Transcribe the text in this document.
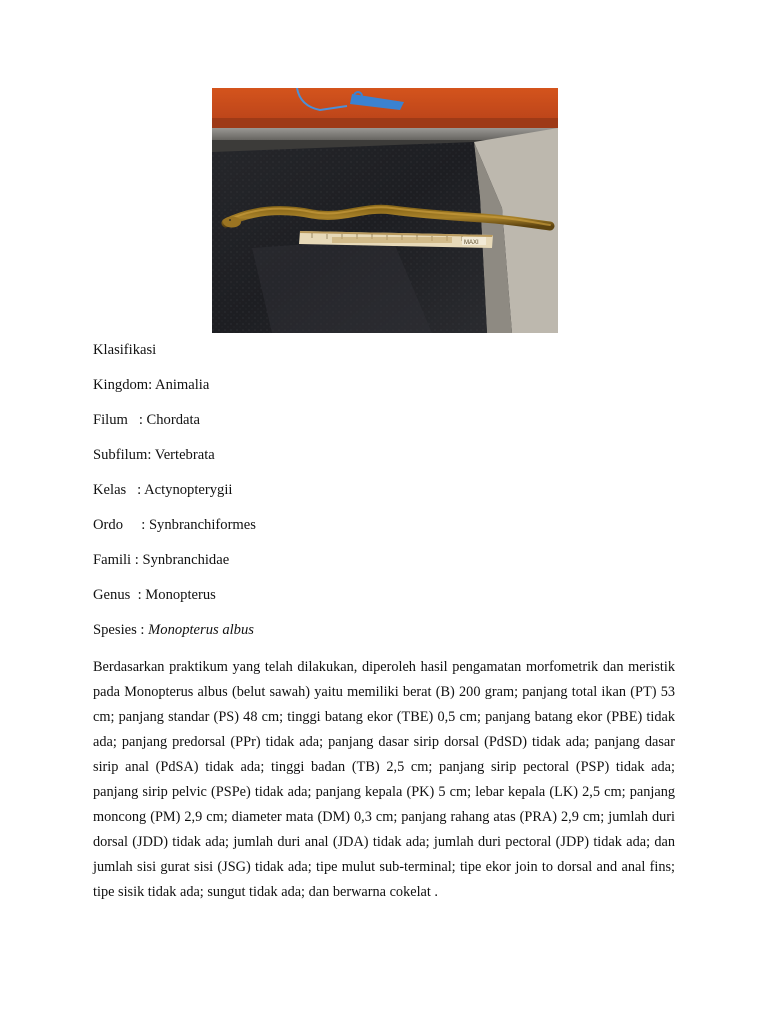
MAXI
Klasifikasi
Kingdom: Animalia
Filum   : Chordata
Subfilum: Vertebrata
Kelas   : Actynopterygii
Ordo     : Synbranchiformes
Famili : Synbranchidae
Genus  : Monopterus
Spesies : Monopterus albus
Berdasarkan praktikum yang telah dilakukan, diperoleh hasil pengamatan morfometrik dan meristik pada Monopterus albus (belut sawah) yaitu memiliki berat (B) 200 gram; panjang total ikan (PT) 53 cm; panjang standar (PS) 48 cm; tinggi batang ekor (TBE) 0,5 cm; panjang batang ekor (PBE) tidak ada; panjang predorsal (PPr) tidak ada; panjang dasar sirip dorsal (PdSD) tidak ada; panjang dasar sirip anal (PdSA) tidak ada; tinggi badan (TB) 2,5 cm; panjang sirip pectoral (PSP) tidak ada; panjang sirip pelvic (PSPe) tidak ada; panjang kepala (PK) 5 cm; lebar kepala (LK) 2,5 cm; panjang moncong (PM) 2,9 cm; diameter mata (DM) 0,3 cm; panjang rahang atas (PRA) 2,9 cm; jumlah duri dorsal (JDD) tidak ada; jumlah duri anal (JDA) tidak ada; jumlah duri pectoral (JDP) tidak ada; dan jumlah sisi gurat sisi (JSG) tidak ada; tipe mulut sub-terminal; tipe ekor join to dorsal and anal fins; tipe sisik tidak ada; sungut tidak ada; dan berwarna cokelat .
